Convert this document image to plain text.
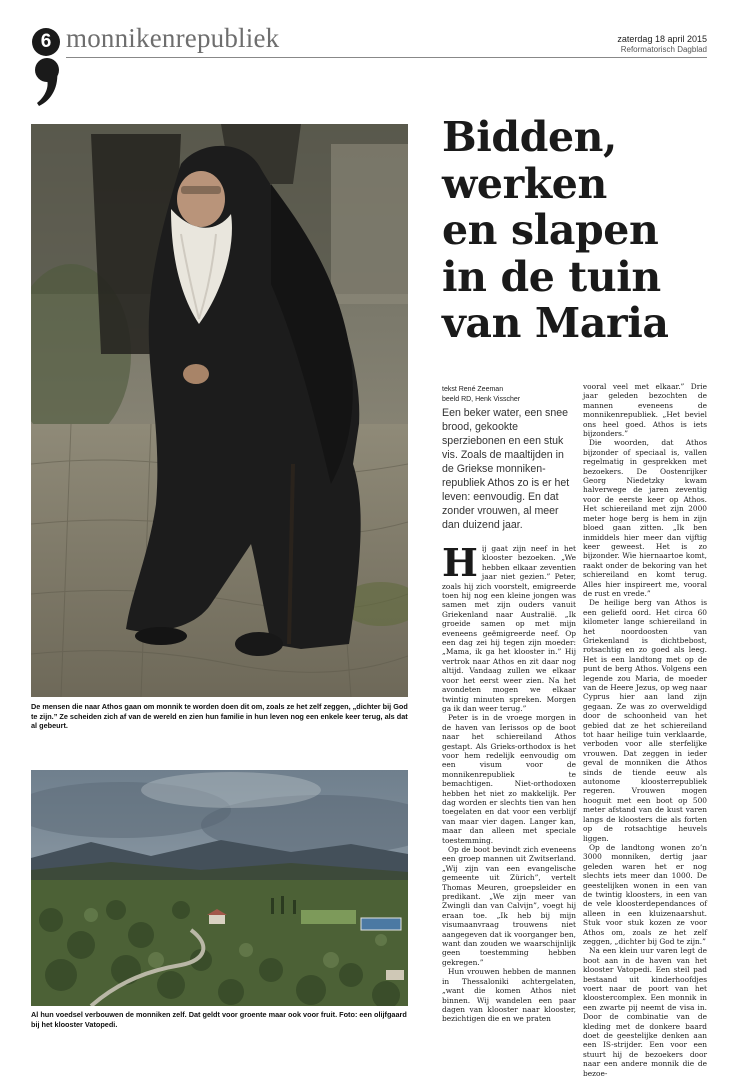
6 monnikenrepubliek	zaterdag 18 april 2015
Reformatorisch Dagblad
De mensen die naar Athos gaan om monnik te worden doen dit om, zoals ze het zelf zeggen, „dichter bij God te zijn.” Ze scheiden zich af van de wereld en zien hun familie in hun leven nog een enkele keer terug, als dat al gebeurt.
Al hun voedsel verbouwen de monniken zelf. Dat geldt voor groente maar ook voor fruit. Foto: een olijfgaard bij het klooster Vatopedi.
Bidden,
werken
en slapen
in de tuin
van Maria
tekst René Zeeman
beeld RD, Henk Visscher
Een beker water, een snee brood, gekookte sperziebonen en een stuk vis. Zoals de maaltijden in de Griekse monniken-republiek Athos zo is er het leven: eenvoudig. En dat zonder vrouwen, al meer dan duizend jaar.

Hij gaat zijn neef in het klooster bezoeken. „We hebben elkaar zeventien jaar niet gezien.” Peter, zoals hij zich voorstelt, emigreerde toen hij nog een kleine jongen was samen met zijn ouders vanuit Griekenland naar Australië. „Ik groeide samen op met mijn eveneens geëmigreerde neef. Op een dag zei hij tegen zijn moeder: „Mama, ik ga het klooster in.” Hij vertrok naar Athos en zit daar nog altijd. Vandaag zullen we elkaar voor het eerst weer zien. Na het avondeten mogen we elkaar twintig minuten spreken. Morgen ga ik dan weer terug.”

Peter is in de vroege morgen in de haven van Ierissos op de boot naar het schiereiland Athos gestapt. Als Grieks-orthodox is het voor hem redelijk eenvoudig om een visum voor de monnikenrepubliek te bemachtigen. Niet-orthodoxen hebben het niet zo makkelijk. Per dag worden er slechts tien van hen toegelaten en dat voor een verblijf van maar vier dagen. Langer kan, maar dan alleen met speciale toestemming.

Op de boot bevindt zich eveneens een groep mannen uit Zwitserland. „Wij zijn van een evangelische gemeente uit Zürich”, vertelt Thomas Meuren, groepsleider en predikant. „We zijn meer van Zwingli dan van Calvijn”, voegt hij eraan toe. „Ik heb bij mijn visumaanvraag trouwens niet aangegeven dat ik voorganger ben, want dan zouden we waarschijnlijk geen toestemming hebben gekregen.”

Hun vrouwen hebben de mannen in Thessaloniki achtergelaten, „want die komen Athos niet binnen. Wij wandelen een paar dagen van klooster naar klooster, bezichtigen die en we praten

vooral veel met elkaar.” Drie jaar geleden bezochten de mannen eveneens de monnikenrepubliek. „Het beviel ons heel goed. Athos is iets bijzonders.”

Die woorden, dat Athos bijzonder of speciaal is, vallen regelmatig in gesprekken met bezoekers. De Oostenrijker Georg Niedetzky kwam halverwege de jaren zeventig voor de eerste keer op Athos. Het schiereiland met zijn 2000 meter hoge berg is hem in zijn bloed gaan zitten. „Ik ben inmiddels hier meer dan vijftig keer geweest. Het is zo bijzonder. Wie hiernaartoe komt, raakt onder de bekoring van het schiereiland en komt terug. Alles hier inspireert me, vooral de rust en vrede.”

De heilige berg van Athos is een geliefd oord. Het circa 60 kilometer lange schiereiland in het noordoosten van Griekenland is dichtbebost, rotsachtig en zo goed als leeg. Het is een landtong met op de punt de berg Athos. Volgens een legende zou Maria, de moeder van de Heere Jezus, op weg naar Cyprus hier aan land zijn gegaan. Ze was zo overweldigd door de schoonheid van het gebied dat ze het schiereiland tot haar heilige tuin verklaarde, verboden voor alle sterfelijke vrouwen. Dat zeggen in ieder geval de monniken die Athos sinds de tiende eeuw als autonome kloosterrepubliek regeren. Vrouwen mogen hooguit met een boot op 500 meter afstand van de kust varen langs de kloosters die als forten op de rotsachtige heuvels liggen.

Op de landtong wonen zo’n 3000 monniken, dertig jaar geleden waren het er nog slechts iets meer dan 1000. De geestelijken wonen in een van de twintig kloosters, in een van de vele kloosterdependances of alleen in een kluizenaarshut. Stuk voor stuk kozen ze voor Athos om, zoals ze het zelf zeggen, „dichter bij God te zijn.”

Na een klein uur varen legt de boot aan in de haven van het klooster Vatopedi. Een steil pad bestaand uit kinderhoofdjes voert naar de poort van het kloostercomplex. Een monnik in een zwarte pij neemt de visa in. Door de combinatie van de kleding met de donkere baard doet de geestelijke denken aan een IS-strijder. Een voor een stuurt hij de bezoekers door naar een andere monnik die de bezoe-
